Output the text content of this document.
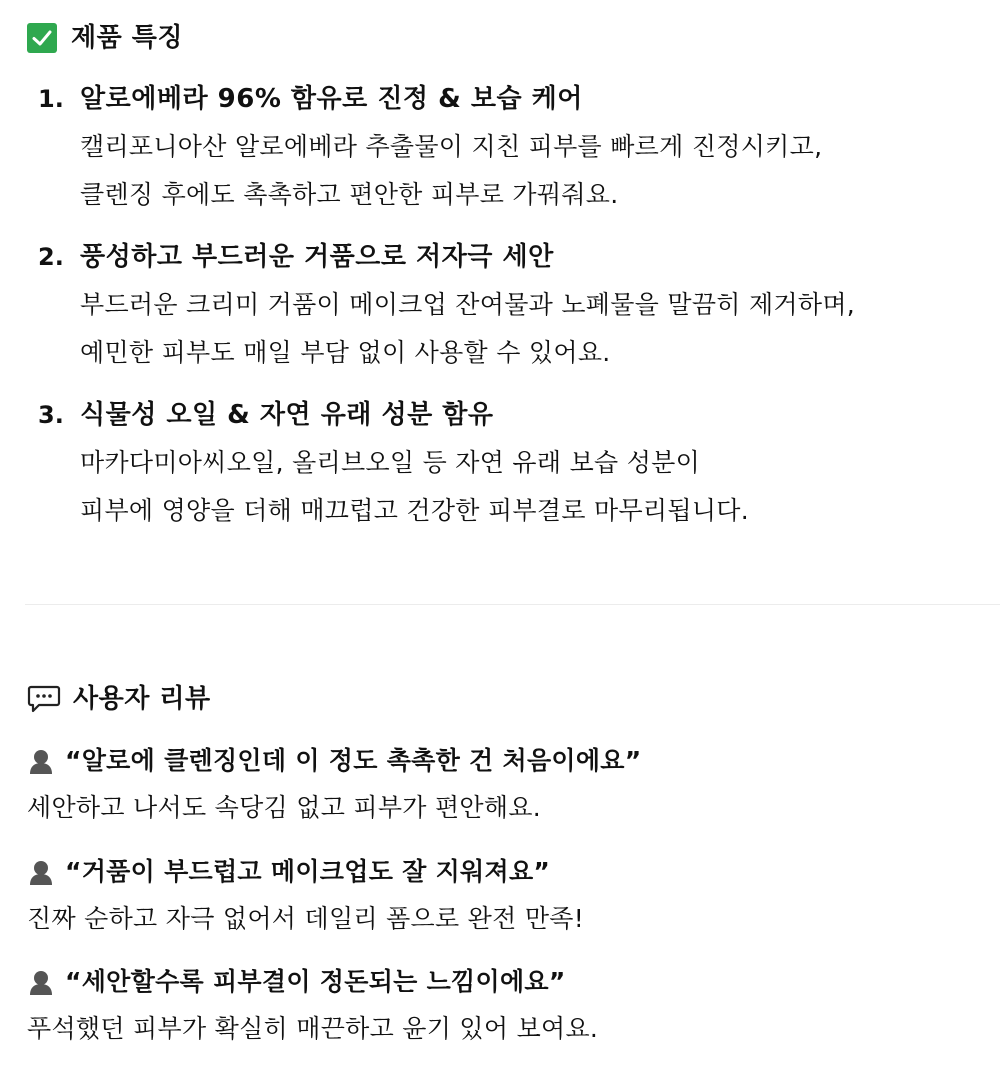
제품 특징
1. 알로에베라 96% 함유로 진정 & 보습 케어
캘리포니아산 알로에베라 추출물이 지친 피부를 빠르게 진정시키고,
클렌징 후에도 촉촉하고 편안한 피부로 가꿔줘요.
2. 풍성하고 부드러운 거품으로 저자극 세안
부드러운 크리미 거품이 메이크업 잔여물과 노폐물을 말끔히 제거하며,
예민한 피부도 매일 부담 없이 사용할 수 있어요.
3. 식물성 오일 & 자연 유래 성분 함유
마카다미아씨오일, 올리브오일 등 자연 유래 보습 성분이
피부에 영양을 더해 매끄럽고 건강한 피부결로 마무리됩니다.
사용자 리뷰
“알로에 클렌징인데 이 정도 촉촉한 건 처음이에요”
세안하고 나서도 속당김 없고 피부가 편안해요.
“거품이 부드럽고 메이크업도 잘 지워져요”
진짜 순하고 자극 없어서 데일리 폼으로 완전 만족!
“세안할수록 피부결이 정돈되는 느낌이에요”
푸석했던 피부가 확실히 매끈하고 윤기 있어 보여요.
